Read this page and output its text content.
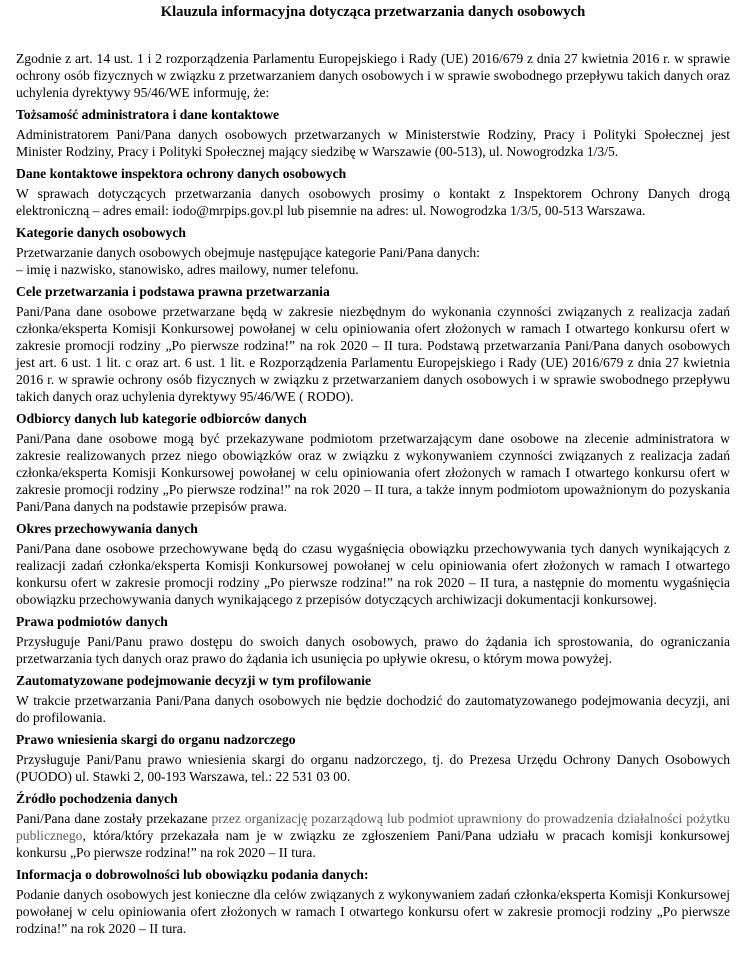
Klauzula informacyjna dotycząca przetwarzania danych osobowych

Zgodnie z art. 14 ust. 1 i 2 rozporządzenia Parlamentu Europejskiego i Rady (UE) 2016/679 z dnia 27 kwietnia 2016 r. w sprawie ochrony osób fizycznych w związku z przetwarzaniem danych osobowych i w sprawie swobodnego przepływu takich danych oraz uchylenia dyrektywy 95/46/WE informuję, że:

Tożsamość administratora i dane kontaktowe

Administratorem Pani/Pana danych osobowych przetwarzanych w Ministerstwie Rodziny, Pracy i Polityki Społecznej jest Minister Rodziny, Pracy i Polityki Społecznej mający siedzibę w Warszawie (00-513), ul. Nowogrodzka 1/3/5.

Dane kontaktowe inspektora ochrony danych osobowych

W sprawach dotyczących przetwarzania danych osobowych prosimy o kontakt z Inspektorem Ochrony Danych drogą elektroniczną – adres email: iodo@mrpips.gov.pl lub pisemnie na adres: ul. Nowogrodzka 1/3/5, 00-513 Warszawa.

Kategorie danych osobowych

Przetwarzanie danych osobowych obejmuje następujące kategorie Pani/Pana danych:
– imię i nazwisko, stanowisko, adres mailowy, numer telefonu.

Cele przetwarzania i podstawa prawna przetwarzania

Pani/Pana dane osobowe przetwarzane będą w zakresie niezbędnym do wykonania czynności związanych z realizacja zadań członka/eksperta Komisji Konkursowej powołanej w celu opiniowania ofert złożonych w ramach I otwartego konkursu ofert w zakresie promocji rodziny „Po pierwsze rodzina!” na rok 2020 – II tura. Podstawą przetwarzania Pani/Pana danych osobowych jest art. 6 ust. 1 lit. c oraz art. 6 ust. 1 lit. e Rozporządzenia Parlamentu Europejskiego i Rady (UE) 2016/679 z dnia 27 kwietnia 2016 r. w sprawie ochrony osób fizycznych w związku z przetwarzaniem danych osobowych i w sprawie swobodnego przepływu takich danych oraz uchylenia dyrektywy 95/46/WE ( RODO).

Odbiorcy danych lub kategorie odbiorców danych

Pani/Pana dane osobowe mogą być przekazywane podmiotom przetwarzającym dane osobowe na zlecenie administratora w zakresie realizowanych przez niego obowiązków oraz w związku z wykonywaniem czynności związanych z realizacja zadań członka/eksperta Komisji Konkursowej powołanej w celu opiniowania ofert złożonych w ramach I otwartego konkursu ofert w zakresie promocji rodziny „Po pierwsze rodzina!” na rok 2020 – II tura, a także innym podmiotom upoważnionym do pozyskania Pani/Pana danych na podstawie przepisów prawa.

Okres przechowywania danych

Pani/Pana dane osobowe przechowywane będą do czasu wygaśnięcia obowiązku przechowywania tych danych wynikających z realizacji zadań członka/eksperta Komisji Konkursowej powołanej w celu opiniowania ofert złożonych w ramach I otwartego konkursu ofert w zakresie promocji rodziny „Po pierwsze rodzina!” na rok 2020 – II tura, a następnie do momentu wygaśnięcia obowiązku przechowywania danych wynikającego z przepisów dotyczących archiwizacji dokumentacji konkursowej.

Prawa podmiotów danych

Przysługuje Pani/Panu prawo dostępu do swoich danych osobowych, prawo do żądania ich sprostowania, do ograniczania przetwarzania tych danych oraz prawo do żądania ich usunięcia po upływie okresu, o którym mowa powyżej.

Zautomatyzowane podejmowanie decyzji w tym profilowanie

W trakcie przetwarzania Pani/Pana danych osobowych nie będzie dochodzić do zautomatyzowanego podejmowania decyzji, ani do profilowania.

Prawo wniesienia skargi do organu nadzorczego

Przysługuje Pani/Panu prawo wniesienia skargi do organu nadzorczego, tj. do Prezesa Urzędu Ochrony Danych Osobowych (PUODO) ul. Stawki 2, 00-193 Warszawa, tel.: 22 531 03 00.

Źródło pochodzenia danych

Pani/Pana dane zostały przekazane przez organizację pozarządową lub podmiot uprawniony do prowadzenia działalności pożytku publicznego, która/który przekazała nam je w związku ze zgłoszeniem Pani/Pana udziału w pracach komisji konkursowej konkursu „Po pierwsze rodzina!” na rok 2020 – II tura.

Informacja o dobrowolności lub obowiązku podania danych:

Podanie danych osobowych jest konieczne dla celów związanych z wykonywaniem zadań członka/eksperta Komisji Konkursowej powołanej w celu opiniowania ofert złożonych w ramach I otwartego konkursu ofert w zakresie promocji rodziny „Po pierwsze rodzina!” na rok 2020 – II tura.
